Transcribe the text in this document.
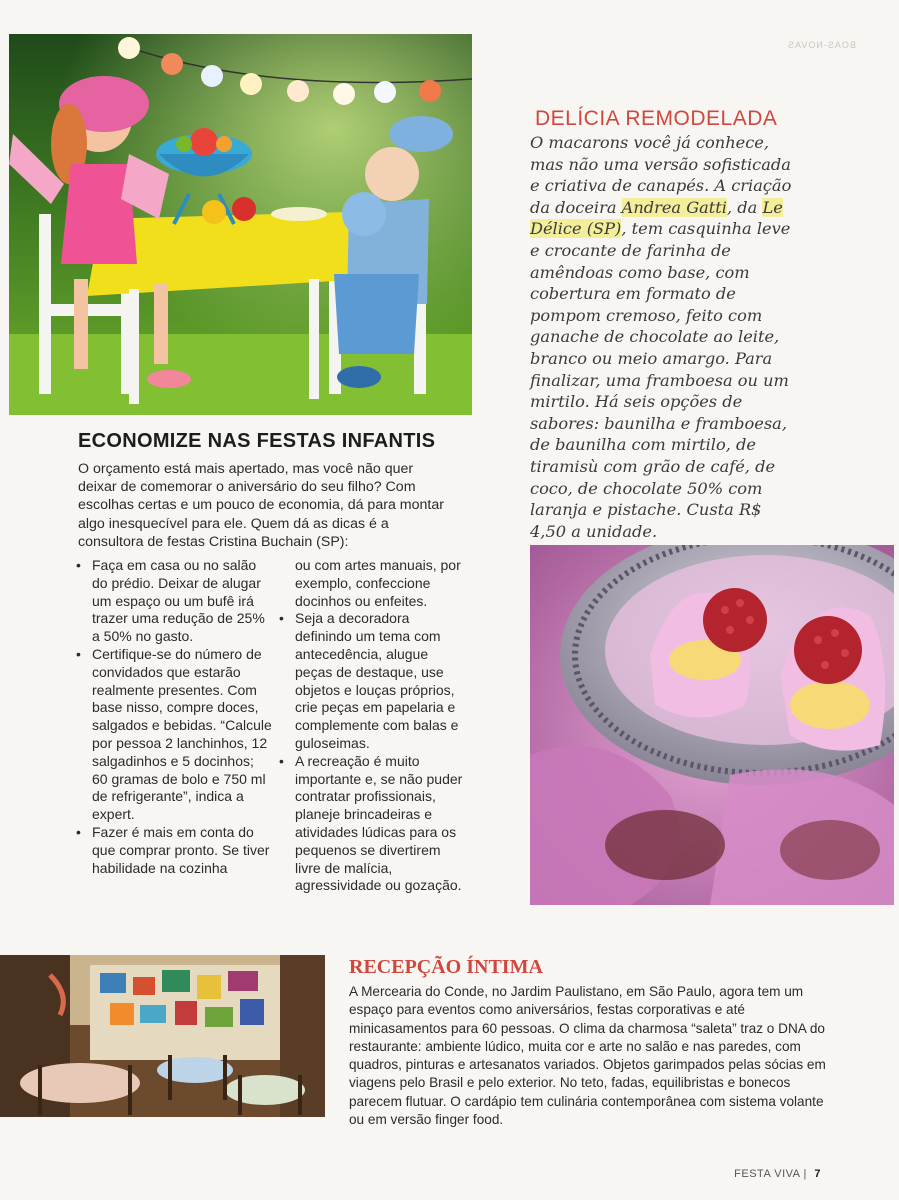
BOAS-NOVAS
ECONOMIZE NAS FESTAS INFANTIS
O orçamento está mais apertado, mas você não quer deixar de comemorar o aniversário do seu filho? Com escolhas certas e um pouco de economia, dá para montar algo inesquecível para ele. Quem dá as dicas é a consultora de festas Cristina Buchain (SP):

• Faça em casa ou no salão do prédio. Deixar de alugar um espaço ou um bufê irá trazer uma redução de 25% a 50% no gasto.

• Certifique-se do número de convidados que estarão realmente presentes. Com base nisso, compre doces, salgados e bebidas. “Calcule por pessoa 2 lanchinhos, 12 salgadinhos e 5 docinhos; 60 gramas de bolo e 750 ml de refrigerante”, indica a expert.

• Fazer é mais em conta do que comprar pronto. Se tiver habilidade na cozinha

ou com artes manuais, por exemplo, confeccione docinhos ou enfeites.

• Seja a decoradora definindo um tema com antecedência, alugue peças de destaque, use objetos e louças próprios, crie peças em papelaria e complemente com balas e guloseimas.

• A recreação é muito importante e, se não puder contratar profissionais, planeje brincadeiras e atividades lúdicas para os pequenos se divertirem livre de malícia, agressividade ou gozação.

DELÍCIA REMODELADA
O macarons você já conhece, mas não uma versão sofisticada e criativa de canapés. A criação da doceira Andrea Gatti, da Le Délice (SP), tem casquinha leve e crocante de farinha de amêndoas como base, com cobertura em formato de pompom cremoso, feito com ganache de chocolate ao leite, branco ou meio amargo. Para finalizar, uma framboesa ou um mirtilo. Há seis opções de sabores: baunilha e framboesa, de baunilha com mirtilo, de tiramisù com grão de café, de coco, de chocolate 50% com laranja e pistache. Custa R$ 4,50 a unidade.
RECEPÇÃO ÍNTIMA
A Mercearia do Conde, no Jardim Paulistano, em São Paulo, agora tem um espaço para eventos como aniversários, festas corporativas e até minicasamentos para 60 pessoas. O clima da charmosa “saleta” traz o DNA do restaurante: ambiente lúdico, muita cor e arte no salão e nas paredes, com quadros, pinturas e artesanatos variados. Objetos garimpados pelas sócias em viagens pelo Brasil e pelo exterior. No teto, fadas, equilibristas e bonecos parecem flutuar. O cardápio tem culinária contemporânea com sistema volante ou em versão finger food.
FESTA VIVA | 7
